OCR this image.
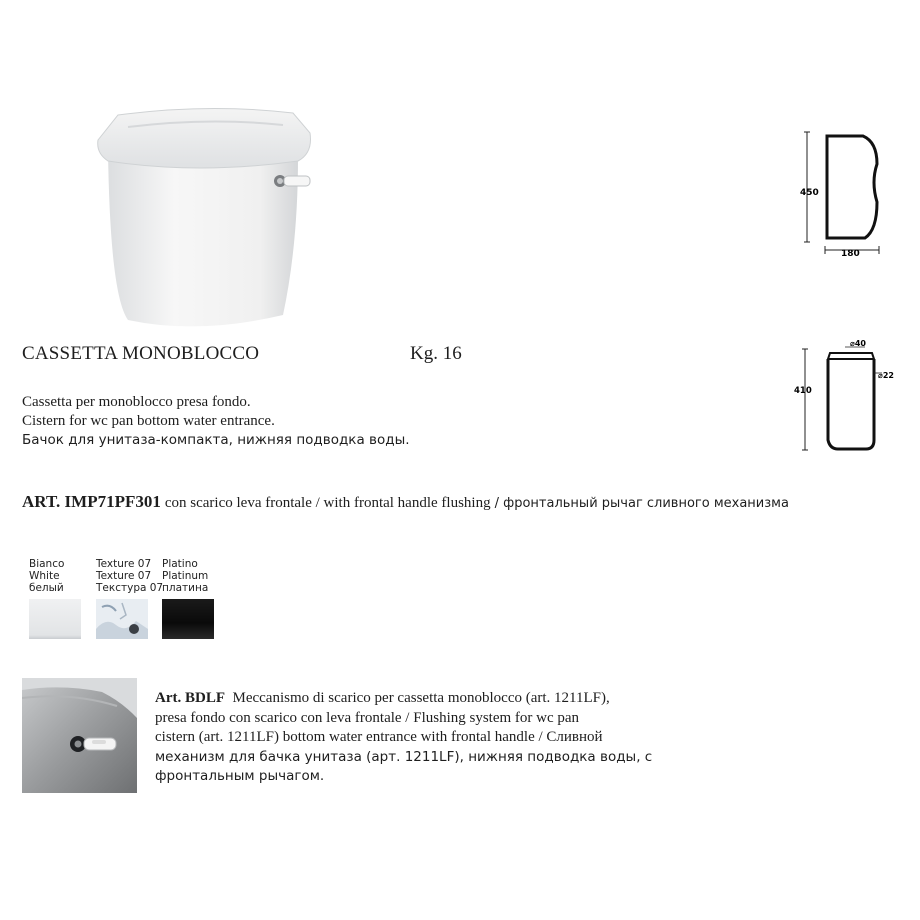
450
180
410
⌀40
⌀22
CASSETTA MONOBLOCCO	Kg. 16
Cassetta per monoblocco presa fondo.
Cistern for wc pan bottom water entrance.
Бачок для унитаза-компакта, нижняя подводка воды.
ART. IMP71PF301 con scarico leva frontale / with frontal handle flushing / фронтальный рычаг сливного механизма
Bianco
White
белый
Texture 07
Texture 07
Текстура 07
Platino
Platinum
платина
Art. BDLF Meccanismo di scarico per cassetta monoblocco (art. 1211LF),
presa fondo con scarico con leva frontale / Flushing system for wc pan
cistern (art. 1211LF) bottom water entrance with frontal handle / Сливной
механизм для бачка унитаза (арт. 1211LF), нижняя подводка воды, с
фронтальным рычагом.
